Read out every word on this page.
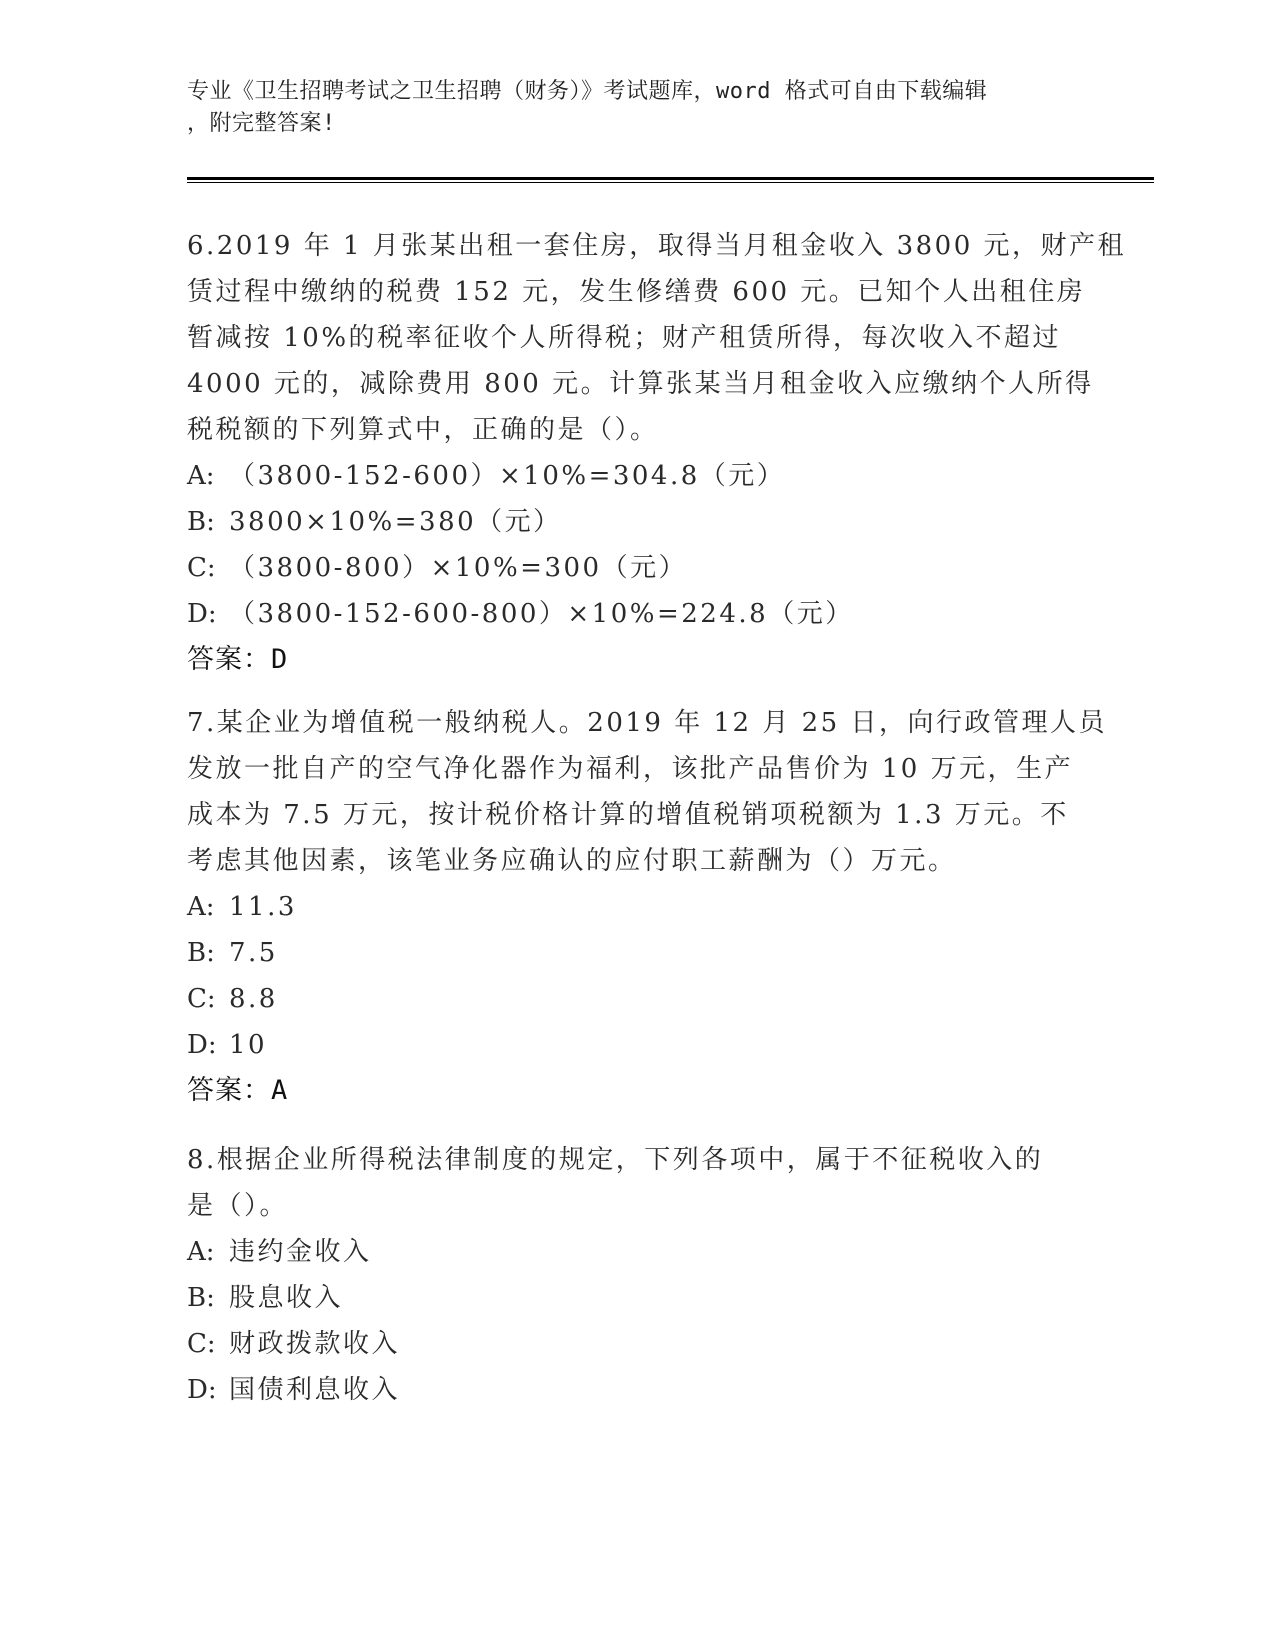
专业《卫生招聘考试之卫生招聘（财务）》考试题库，word 格式可自由下载编辑
，附完整答案!
6.2019 年 1 月张某出租一套住房，取得当月租金收入 3800 元，财产租
赁过程中缴纳的税费 152 元，发生修缮费 600 元。已知个人出租住房
暂减按 10%的税率征收个人所得税；财产租赁所得，每次收入不超过
4000 元的，减除费用 800 元。计算张某当月租金收入应缴纳个人所得
税税额的下列算式中，正确的是（）。
A: （3800-152-600）×10%=304.8（元）
B: 3800×10%=380（元）
C: （3800-800）×10%=300（元）
D: （3800-152-600-800）×10%=224.8（元）
答案：D
7.某企业为增值税一般纳税人。2019 年 12 月 25 日，向行政管理人员
发放一批自产的空气净化器作为福利，该批产品售价为 10 万元，生产
成本为 7.5 万元，按计税价格计算的增值税销项税额为 1.3 万元。不
考虑其他因素，该笔业务应确认的应付职工薪酬为（）万元。
A: 11.3
B: 7.5
C: 8.8
D: 10
答案：A
8.根据企业所得税法律制度的规定，下列各项中，属于不征税收入的
是（）。
A: 违约金收入
B: 股息收入
C: 财政拨款收入
D: 国债利息收入
